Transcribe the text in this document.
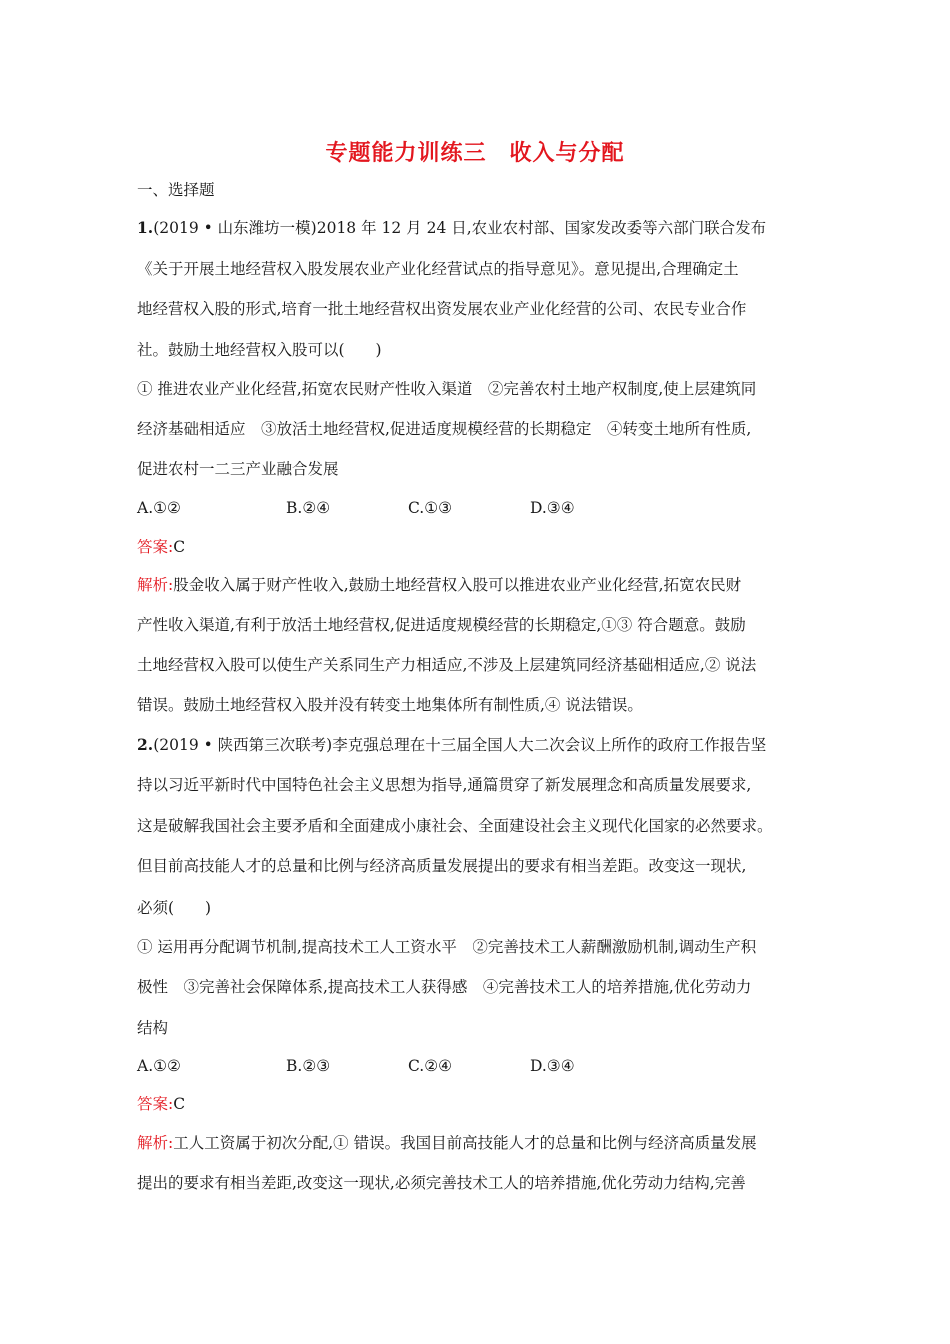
专题能力训练三　收入与分配
一、选择题
1.(2019 • 山东潍坊一模)2018 年 12 月 24 日,农业农村部、国家发改委等六部门联合发布
《关于开展土地经营权入股发展农业产业化经营试点的指导意见》。意见提出,合理确定土
地经营权入股的形式,培育一批土地经营权出资发展农业产业化经营的公司、农民专业合作
社。鼓励土地经营权入股可以(　　)
① 推进农业产业化经营,拓宽农民财产性收入渠道　②完善农村土地产权制度,使上层建筑同
经济基础相适应　③放活土地经营权,促进适度规模经营的长期稳定　④转变土地所有性质,
促进农村一二三产业融合发展
A.①②	B.②④	C.①③	D.③④
答案:C
解析:股金收入属于财产性收入,鼓励土地经营权入股可以推进农业产业化经营,拓宽农民财
产性收入渠道,有利于放活土地经营权,促进适度规模经营的长期稳定,①③ 符合题意。鼓励
土地经营权入股可以使生产关系同生产力相适应,不涉及上层建筑同经济基础相适应,② 说法
错误。鼓励土地经营权入股并没有转变土地集体所有制性质,④ 说法错误。
2.(2019 • 陕西第三次联考)李克强总理在十三届全国人大二次会议上所作的政府工作报告坚
持以习近平新时代中国特色社会主义思想为指导,通篇贯穿了新发展理念和高质量发展要求,
这是破解我国社会主要矛盾和全面建成小康社会、全面建设社会主义现代化国家的必然要求。
但目前高技能人才的总量和比例与经济高质量发展提出的要求有相当差距。改变这一现状,
必须(　　)
① 运用再分配调节机制,提高技术工人工资水平　②完善技术工人薪酬激励机制,调动生产积
极性　③完善社会保障体系,提高技术工人获得感　④完善技术工人的培养措施,优化劳动力
结构
A.①②	B.②③	C.②④	D.③④
答案:C
解析:工人工资属于初次分配,① 错误。我国目前高技能人才的总量和比例与经济高质量发展
提出的要求有相当差距,改变这一现状,必须完善技术工人的培养措施,优化劳动力结构,完善
